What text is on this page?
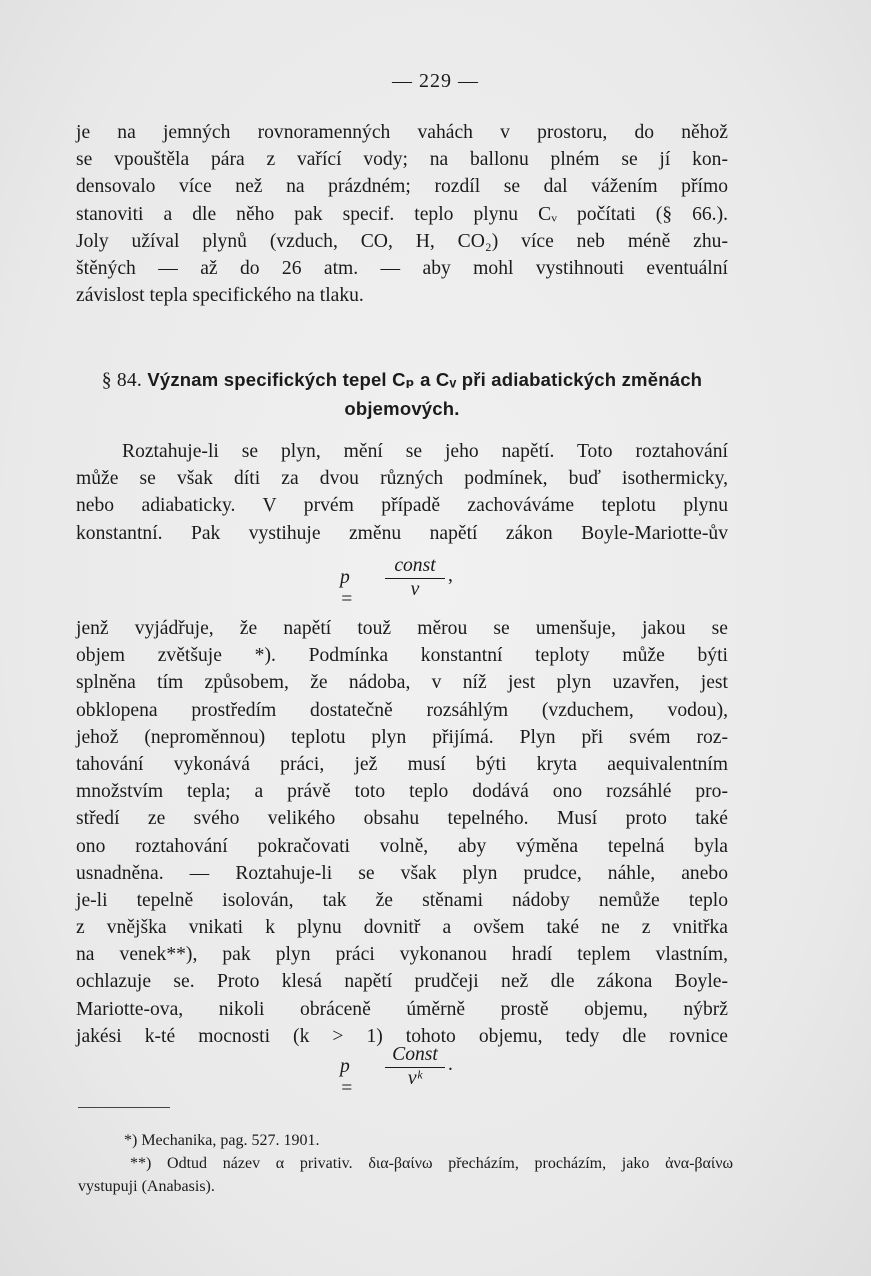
— 229 —
je na jemných rovnoramenných vahách v prostoru, do něhož
se vpouštěla pára z vařící vody; na ballonu plném se jí kon-
densovalo více než na prázdném; rozdíl se dal vážením přímo
stanoviti a dle něho pak specif. teplo plynu Cᵥ počítati (§ 66.).
Joly užíval plynů (vzduch, CO, H, CO₂) více neb méně zhu-
štěných — až do 26 atm. — aby mohl vystihnouti eventuální
závislost tepla specifického na tlaku.
§ 84. Význam specifických tepel Cₚ a Cᵥ při adiabatických změnách
objemových.
Roztahuje-li se plyn, mění se jeho napětí. Toto roztahování
může se však díti za dvou různých podmínek, buď isothermicky,
nebo adiabaticky. V prvém případě zachováváme teplotu plynu
konstantní. Pak vystihuje změnu napětí zákon Boyle-Mariotte-ův
p =
const
v
,
jenž vyjádřuje, že napětí touž měrou se umenšuje, jakou se
objem zvětšuje *). Podmínka konstantní teploty může býti
splněna tím způsobem, že nádoba, v níž jest plyn uzavřen, jest
obklopena prostředím dostatečně rozsáhlým (vzduchem, vodou),
jehož (neproměnnou) teplotu plyn přijímá. Plyn při svém roz-
tahování vykonává práci, jež musí býti kryta aequivalentním
množstvím tepla; a právě toto teplo dodává ono rozsáhlé pro-
středí ze svého velikého obsahu tepelného. Musí proto také
ono roztahování pokračovati volně, aby výměna tepelná byla
usnadněna. — Roztahuje-li se však plyn prudce, náhle, anebo
je-li tepelně isolován, tak že stěnami nádoby nemůže teplo
z vnějška vnikati k plynu dovnitř a ovšem také ne z vnitřka
na venek**), pak plyn práci vykonanou hradí teplem vlastním,
ochlazuje se. Proto klesá napětí prudčeji než dle zákona Boyle-
Mariotte-ova, nikoli obráceně úměrně prostě objemu, nýbrž
jakési k-té mocnosti (k > 1) tohoto objemu, tedy dle rovnice
p =
Const
vᵏ
.
*) Mechanika, pag. 527. 1901.
**) Odtud název α privativ. δια-βαίνω přecházím, procházím, jako ἀνα-βαίνω
vystupuji (Anabasis).
